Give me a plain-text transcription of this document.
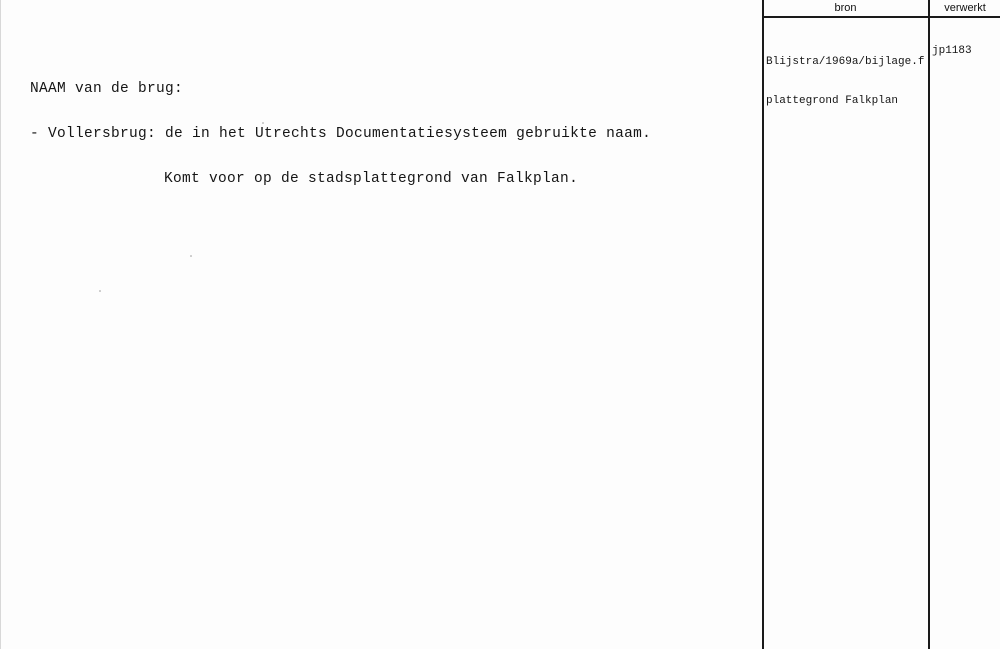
NAAM van de brug:

- Vollersbrug: de in het Utrechts Documentatiesysteem gebruikte naam.

Komt voor op de stadsplattegrond van Falkplan.

bron	verwerkt

Blijstra/1969a/bijlage.f

plattegrond Falkplan

jp1183
